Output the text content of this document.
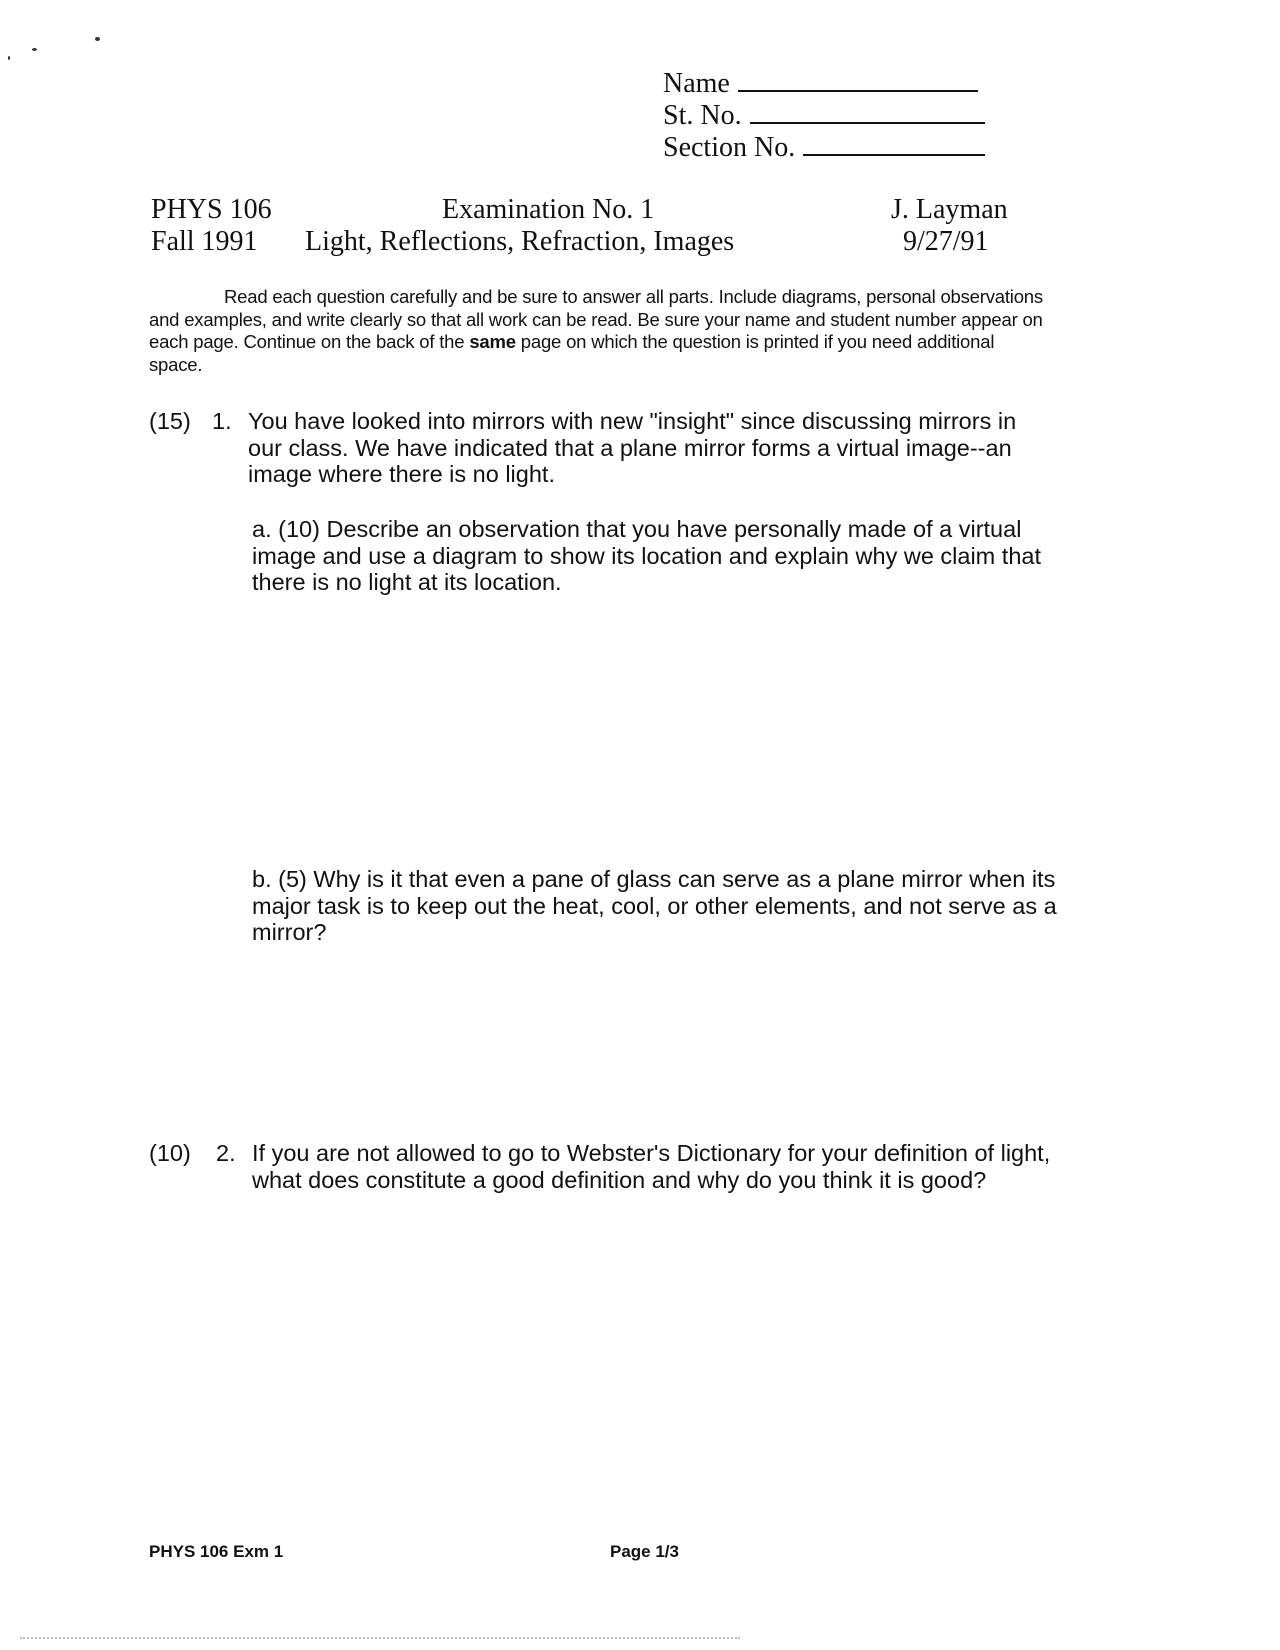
Name
St. No.
Section No.
PHYS 106
Fall 1991
Examination No. 1
Light, Reflections, Refraction, Images
J. Layman
9/27/91

Read each question carefully and be sure to answer all parts. Include diagrams, personal observations and examples, and write clearly so that all work can be read. Be sure your name and student number appear on each page. Continue on the back of the same page on which the question is printed if you need additional space.

(15) 1. You have looked into mirrors with new "insight" since discussing mirrors in our class. We have indicated that a plane mirror forms a virtual image--an image where there is no light.
a. (10) Describe an observation that you have personally made of a virtual image and use a diagram to show its location and explain why we claim that there is no light at its location.
b. (5) Why is it that even a pane of glass can serve as a plane mirror when its major task is to keep out the heat, cool, or other elements, and not serve as a mirror?
(10) 2. If you are not allowed to go to Webster's Dictionary for your definition of light, what does constitute a good definition and why do you think it is good?
PHYS 106 Exm 1	Page 1/3
